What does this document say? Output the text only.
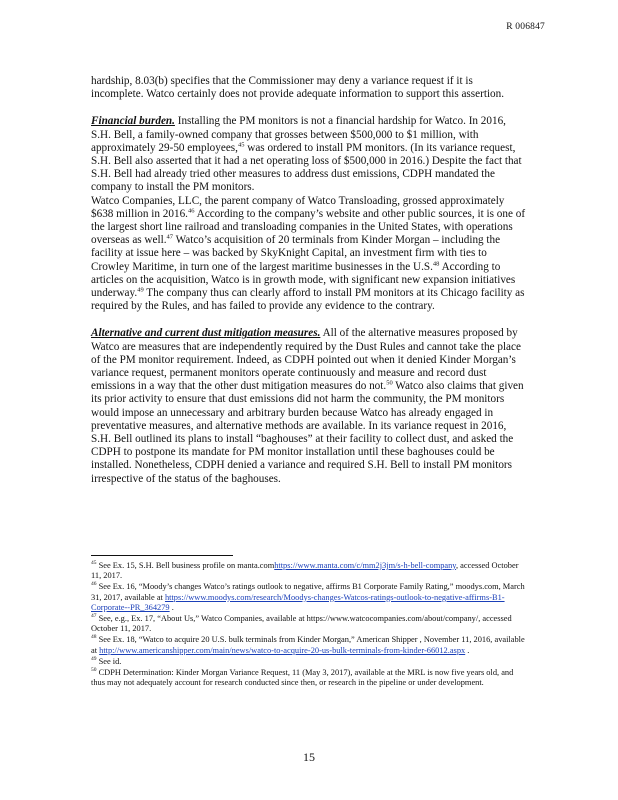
R 006847

hardship, 8.03(b) specifies that the Commissioner may deny a variance request if it is incomplete. Watco certainly does not provide adequate information to support this assertion.

Financial burden. Installing the PM monitors is not a financial hardship for Watco. In 2016, S.H. Bell, a family-owned company that grosses between $500,000 to $1 million, with approximately 29-50 employees,$^{45}$ was ordered to install PM monitors. (In its variance request, S.H. Bell also asserted that it had a net operating loss of $500,000 in 2016.) Despite the fact that S.H. Bell had already tried other measures to address dust emissions, CDPH mandated the company to install the PM monitors.

Watco Companies, LLC, the parent company of Watco Transloading, grossed approximately $638 million in 2016.46 According to the company’s website and other public sources, it is one of the largest short line railroad and transloading companies in the United States, with operations overseas as well.$^{47}$ Watco’s acquisition of 20 terminals from Kinder Morgan – including the facility at issue here – was backed by SkyKnight Capital, an investment firm with ties to Crowley Maritime, in turn one of the largest maritime businesses in the U.S.$^{48}$ According to articles on the acquisition, Watco is in growth mode, with significant new expansion initiatives underway.$^{49}$ The company thus can clearly afford to install PM monitors at its Chicago facility as required by the Rules, and has failed to provide any evidence to the contrary.

Alternative and current dust mitigation measures. All of the alternative measures proposed by Watco are measures that are independently required by the Dust Rules and cannot take the place of the PM monitor requirement. Indeed, as CDPH pointed out when it denied Kinder Morgan’s variance request, permanent monitors operate continuously and measure and record dust emissions in a way that the other dust mitigation measures do not.$^{50}$ Watco also claims that given its prior activity to ensure that dust emissions did not harm the community, the PM monitors would impose an unnecessary and arbitrary burden because Watco has already engaged in preventative measures, and alternative methods are available. In its variance request in 2016, S.H. Bell outlined its plans to install “baghouses” at their facility to collect dust, and asked the CDPH to postpone its mandate for PM monitor installation until these baghouses could be installed. Nonetheless, CDPH denied a variance and required S.H. Bell to install PM monitors irrespective of the status of the baghouses.

$^{45}$ See Ex. 15, S.H. Bell business profile on manta.comhttps://www.manta.com/c/mm2j3jm/s-h-bell-company, accessed October 11, 2017.

$^{46}$ See Ex. 16, “Moody’s changes Watco’s ratings outlook to negative, affirms B1 Corporate Family Rating,” moodys.com, March 31, 2017, available at https://www.moodys.com/research/Moodys-changes-Watcos-ratings-outlook-to-negative-affirms-B1-Corporate--PR_364279 .

$^{47}$ See, e.g., Ex. 17, “About Us,” Watco Companies, available at https://www.watcocompanies.com/about/company/, accessed October 11, 2017.

$^{48}$ See Ex. 18, “Watco to acquire 20 U.S. bulk terminals from Kinder Morgan,” American Shipper , November 11, 2016, available at http://www.americanshipper.com/main/news/watco-to-acquire-20-us-bulk-terminals-from-kinder-66012.aspx .

$^{49}$ See id.

$^{50}$ CDPH Determination: Kinder Morgan Variance Request, 11 (May 3, 2017), available at the MRL is now five years old, and thus may not adequately account for research conducted since then, or research in the pipeline or under development.

15
